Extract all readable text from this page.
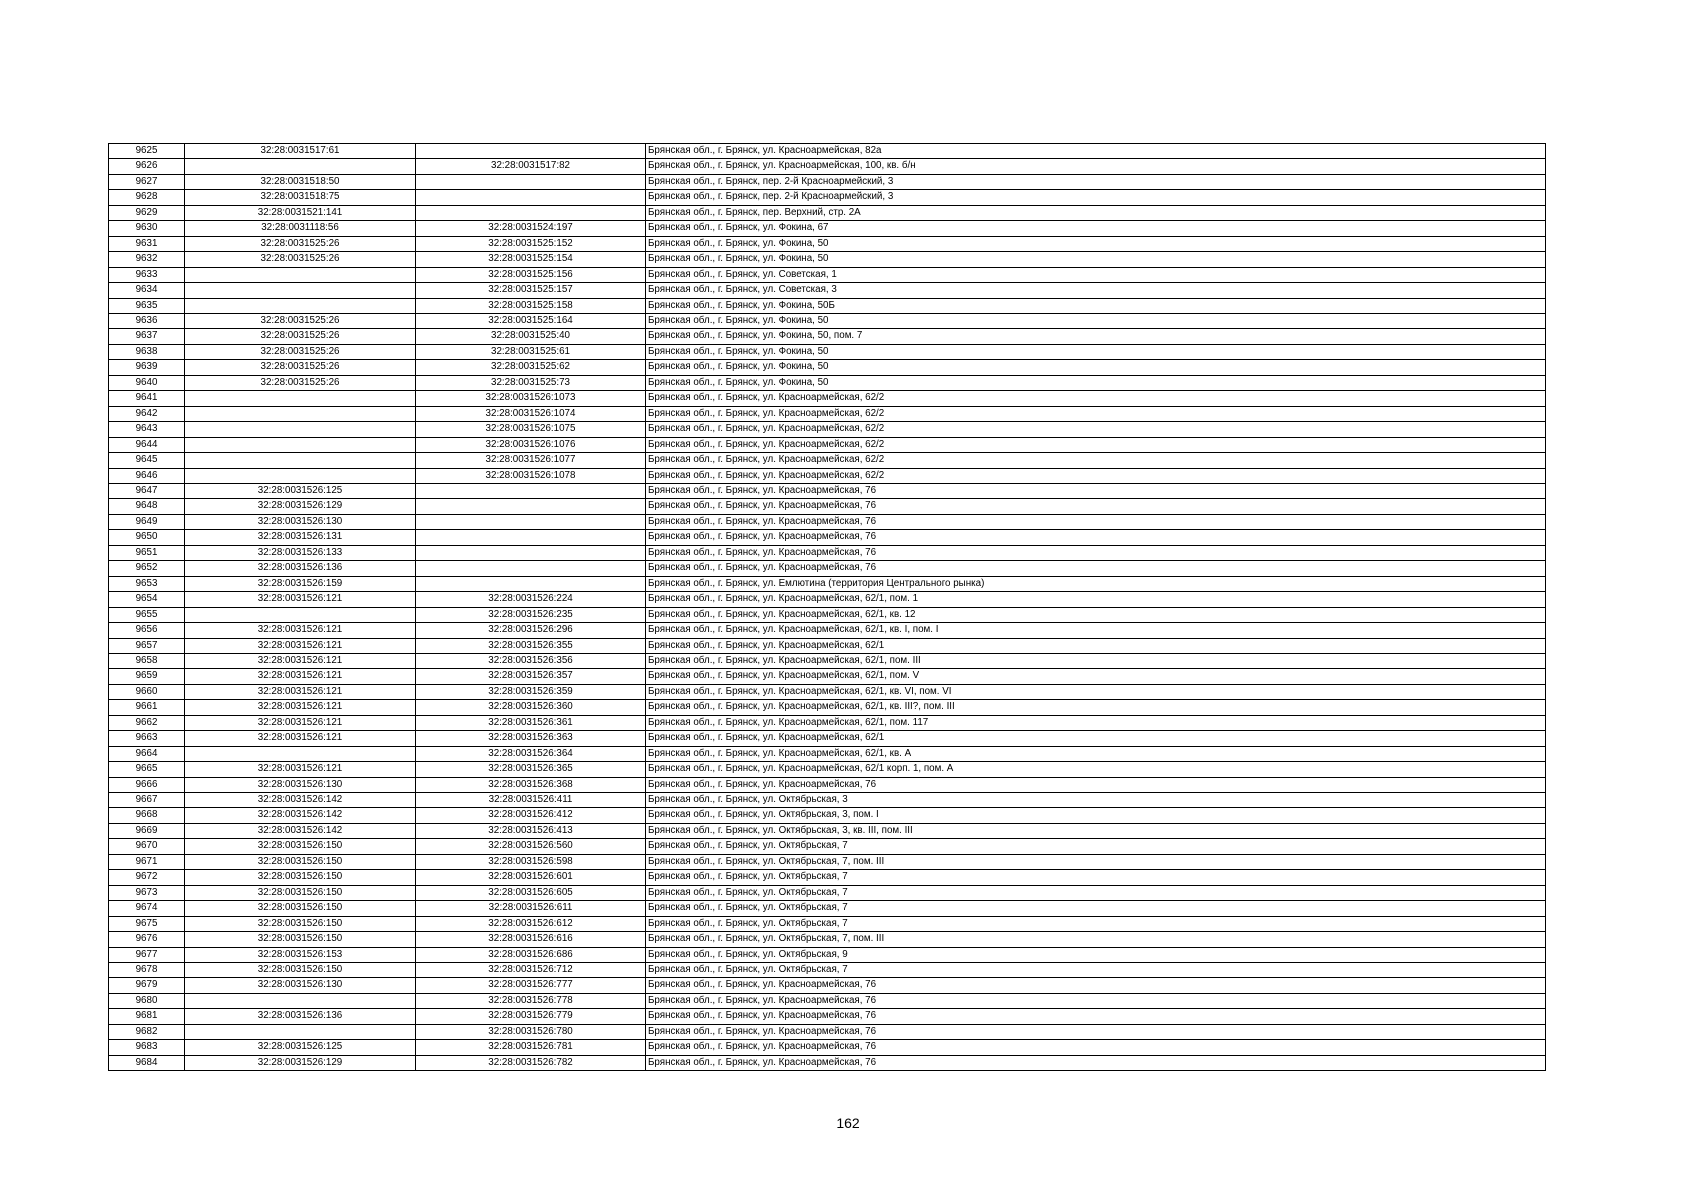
9625	32:28:0031517:61		Брянская обл., г. Брянск, ул. Красноармейская, 82а
9626		32:28:0031517:82	Брянская обл., г. Брянск, ул. Красноармейская, 100, кв. б/н
9627	32:28:0031518:50		Брянская обл., г. Брянск, пер. 2-й Красноармейский, 3
9628	32:28:0031518:75		Брянская обл., г. Брянск, пер. 2-й Красноармейский, 3
9629	32:28:0031521:141		Брянская обл., г. Брянск, пер. Верхний, стр. 2А
9630	32:28:0031118:56	32:28:0031524:197	Брянская обл., г. Брянск, ул. Фокина, 67
9631	32:28:0031525:26	32:28:0031525:152	Брянская обл., г. Брянск, ул. Фокина, 50
9632	32:28:0031525:26	32:28:0031525:154	Брянская обл., г. Брянск, ул. Фокина, 50
9633		32:28:0031525:156	Брянская обл., г. Брянск, ул. Советская, 1
9634		32:28:0031525:157	Брянская обл., г. Брянск, ул. Советская, 3
9635		32:28:0031525:158	Брянская обл., г. Брянск, ул. Фокина, 50Б
9636	32:28:0031525:26	32:28:0031525:164	Брянская обл., г. Брянск, ул. Фокина, 50
9637	32:28:0031525:26	32:28:0031525:40	Брянская обл., г. Брянск, ул. Фокина, 50, пом. 7
9638	32:28:0031525:26	32:28:0031525:61	Брянская обл., г. Брянск, ул. Фокина, 50
9639	32:28:0031525:26	32:28:0031525:62	Брянская обл., г. Брянск, ул. Фокина, 50
9640	32:28:0031525:26	32:28:0031525:73	Брянская обл., г. Брянск, ул. Фокина, 50
9641		32:28:0031526:1073	Брянская обл., г. Брянск, ул. Красноармейская, 62/2
9642		32:28:0031526:1074	Брянская обл., г. Брянск, ул. Красноармейская, 62/2
9643		32:28:0031526:1075	Брянская обл., г. Брянск, ул. Красноармейская, 62/2
9644		32:28:0031526:1076	Брянская обл., г. Брянск, ул. Красноармейская, 62/2
9645		32:28:0031526:1077	Брянская обл., г. Брянск, ул. Красноармейская, 62/2
9646		32:28:0031526:1078	Брянская обл., г. Брянск, ул. Красноармейская, 62/2
9647	32:28:0031526:125		Брянская обл., г. Брянск, ул. Красноармейская, 76
9648	32:28:0031526:129		Брянская обл., г. Брянск, ул. Красноармейская, 76
9649	32:28:0031526:130		Брянская обл., г. Брянск, ул. Красноармейская, 76
9650	32:28:0031526:131		Брянская обл., г. Брянск, ул. Красноармейская, 76
9651	32:28:0031526:133		Брянская обл., г. Брянск, ул. Красноармейская, 76
9652	32:28:0031526:136		Брянская обл., г. Брянск, ул. Красноармейская, 76
9653	32:28:0031526:159		Брянская обл., г. Брянск, ул. Емлютина (территория Центрального рынка)
9654	32:28:0031526:121	32:28:0031526:224	Брянская обл., г. Брянск, ул. Красноармейская, 62/1, пом. 1
9655		32:28:0031526:235	Брянская обл., г. Брянск, ул. Красноармейская, 62/1, кв. 12
9656	32:28:0031526:121	32:28:0031526:296	Брянская обл., г. Брянск, ул. Красноармейская, 62/1, кв. I, пом. I
9657	32:28:0031526:121	32:28:0031526:355	Брянская обл., г. Брянск, ул. Красноармейская, 62/1
9658	32:28:0031526:121	32:28:0031526:356	Брянская обл., г. Брянск, ул. Красноармейская, 62/1, пом. III
9659	32:28:0031526:121	32:28:0031526:357	Брянская обл., г. Брянск, ул. Красноармейская, 62/1, пом. V
9660	32:28:0031526:121	32:28:0031526:359	Брянская обл., г. Брянск, ул. Красноармейская, 62/1, кв. VI, пом. VI
9661	32:28:0031526:121	32:28:0031526:360	Брянская обл., г. Брянск, ул. Красноармейская, 62/1, кв. III?, пом. III
9662	32:28:0031526:121	32:28:0031526:361	Брянская обл., г. Брянск, ул. Красноармейская, 62/1, пом. 117
9663	32:28:0031526:121	32:28:0031526:363	Брянская обл., г. Брянск, ул. Красноармейская, 62/1
9664		32:28:0031526:364	Брянская обл., г. Брянск, ул. Красноармейская, 62/1, кв. А
9665	32:28:0031526:121	32:28:0031526:365	Брянская обл., г. Брянск, ул. Красноармейская, 62/1 корп. 1, пом. А
9666	32:28:0031526:130	32:28:0031526:368	Брянская обл., г. Брянск, ул. Красноармейская, 76
9667	32:28:0031526:142	32:28:0031526:411	Брянская обл., г. Брянск, ул. Октябрьская, 3
9668	32:28:0031526:142	32:28:0031526:412	Брянская обл., г. Брянск, ул. Октябрьская, 3, пом. I
9669	32:28:0031526:142	32:28:0031526:413	Брянская обл., г. Брянск, ул. Октябрьская, 3, кв. III, пом. III
9670	32:28:0031526:150	32:28:0031526:560	Брянская обл., г. Брянск, ул. Октябрьская, 7
9671	32:28:0031526:150	32:28:0031526:598	Брянская обл., г. Брянск, ул. Октябрьская, 7, пом. III
9672	32:28:0031526:150	32:28:0031526:601	Брянская обл., г. Брянск, ул. Октябрьская, 7
9673	32:28:0031526:150	32:28:0031526:605	Брянская обл., г. Брянск, ул. Октябрьская, 7
9674	32:28:0031526:150	32:28:0031526:611	Брянская обл., г. Брянск, ул. Октябрьская, 7
9675	32:28:0031526:150	32:28:0031526:612	Брянская обл., г. Брянск, ул. Октябрьская, 7
9676	32:28:0031526:150	32:28:0031526:616	Брянская обл., г. Брянск, ул. Октябрьская, 7, пом. III
9677	32:28:0031526:153	32:28:0031526:686	Брянская обл., г. Брянск, ул. Октябрьская, 9
9678	32:28:0031526:150	32:28:0031526:712	Брянская обл., г. Брянск, ул. Октябрьская, 7
9679	32:28:0031526:130	32:28:0031526:777	Брянская обл., г. Брянск, ул. Красноармейская, 76
9680		32:28:0031526:778	Брянская обл., г. Брянск, ул. Красноармейская, 76
9681	32:28:0031526:136	32:28:0031526:779	Брянская обл., г. Брянск, ул. Красноармейская, 76
9682		32:28:0031526:780	Брянская обл., г. Брянск, ул. Красноармейская, 76
9683	32:28:0031526:125	32:28:0031526:781	Брянская обл., г. Брянск, ул. Красноармейская, 76
9684	32:28:0031526:129	32:28:0031526:782	Брянская обл., г. Брянск, ул. Красноармейская, 76
162
